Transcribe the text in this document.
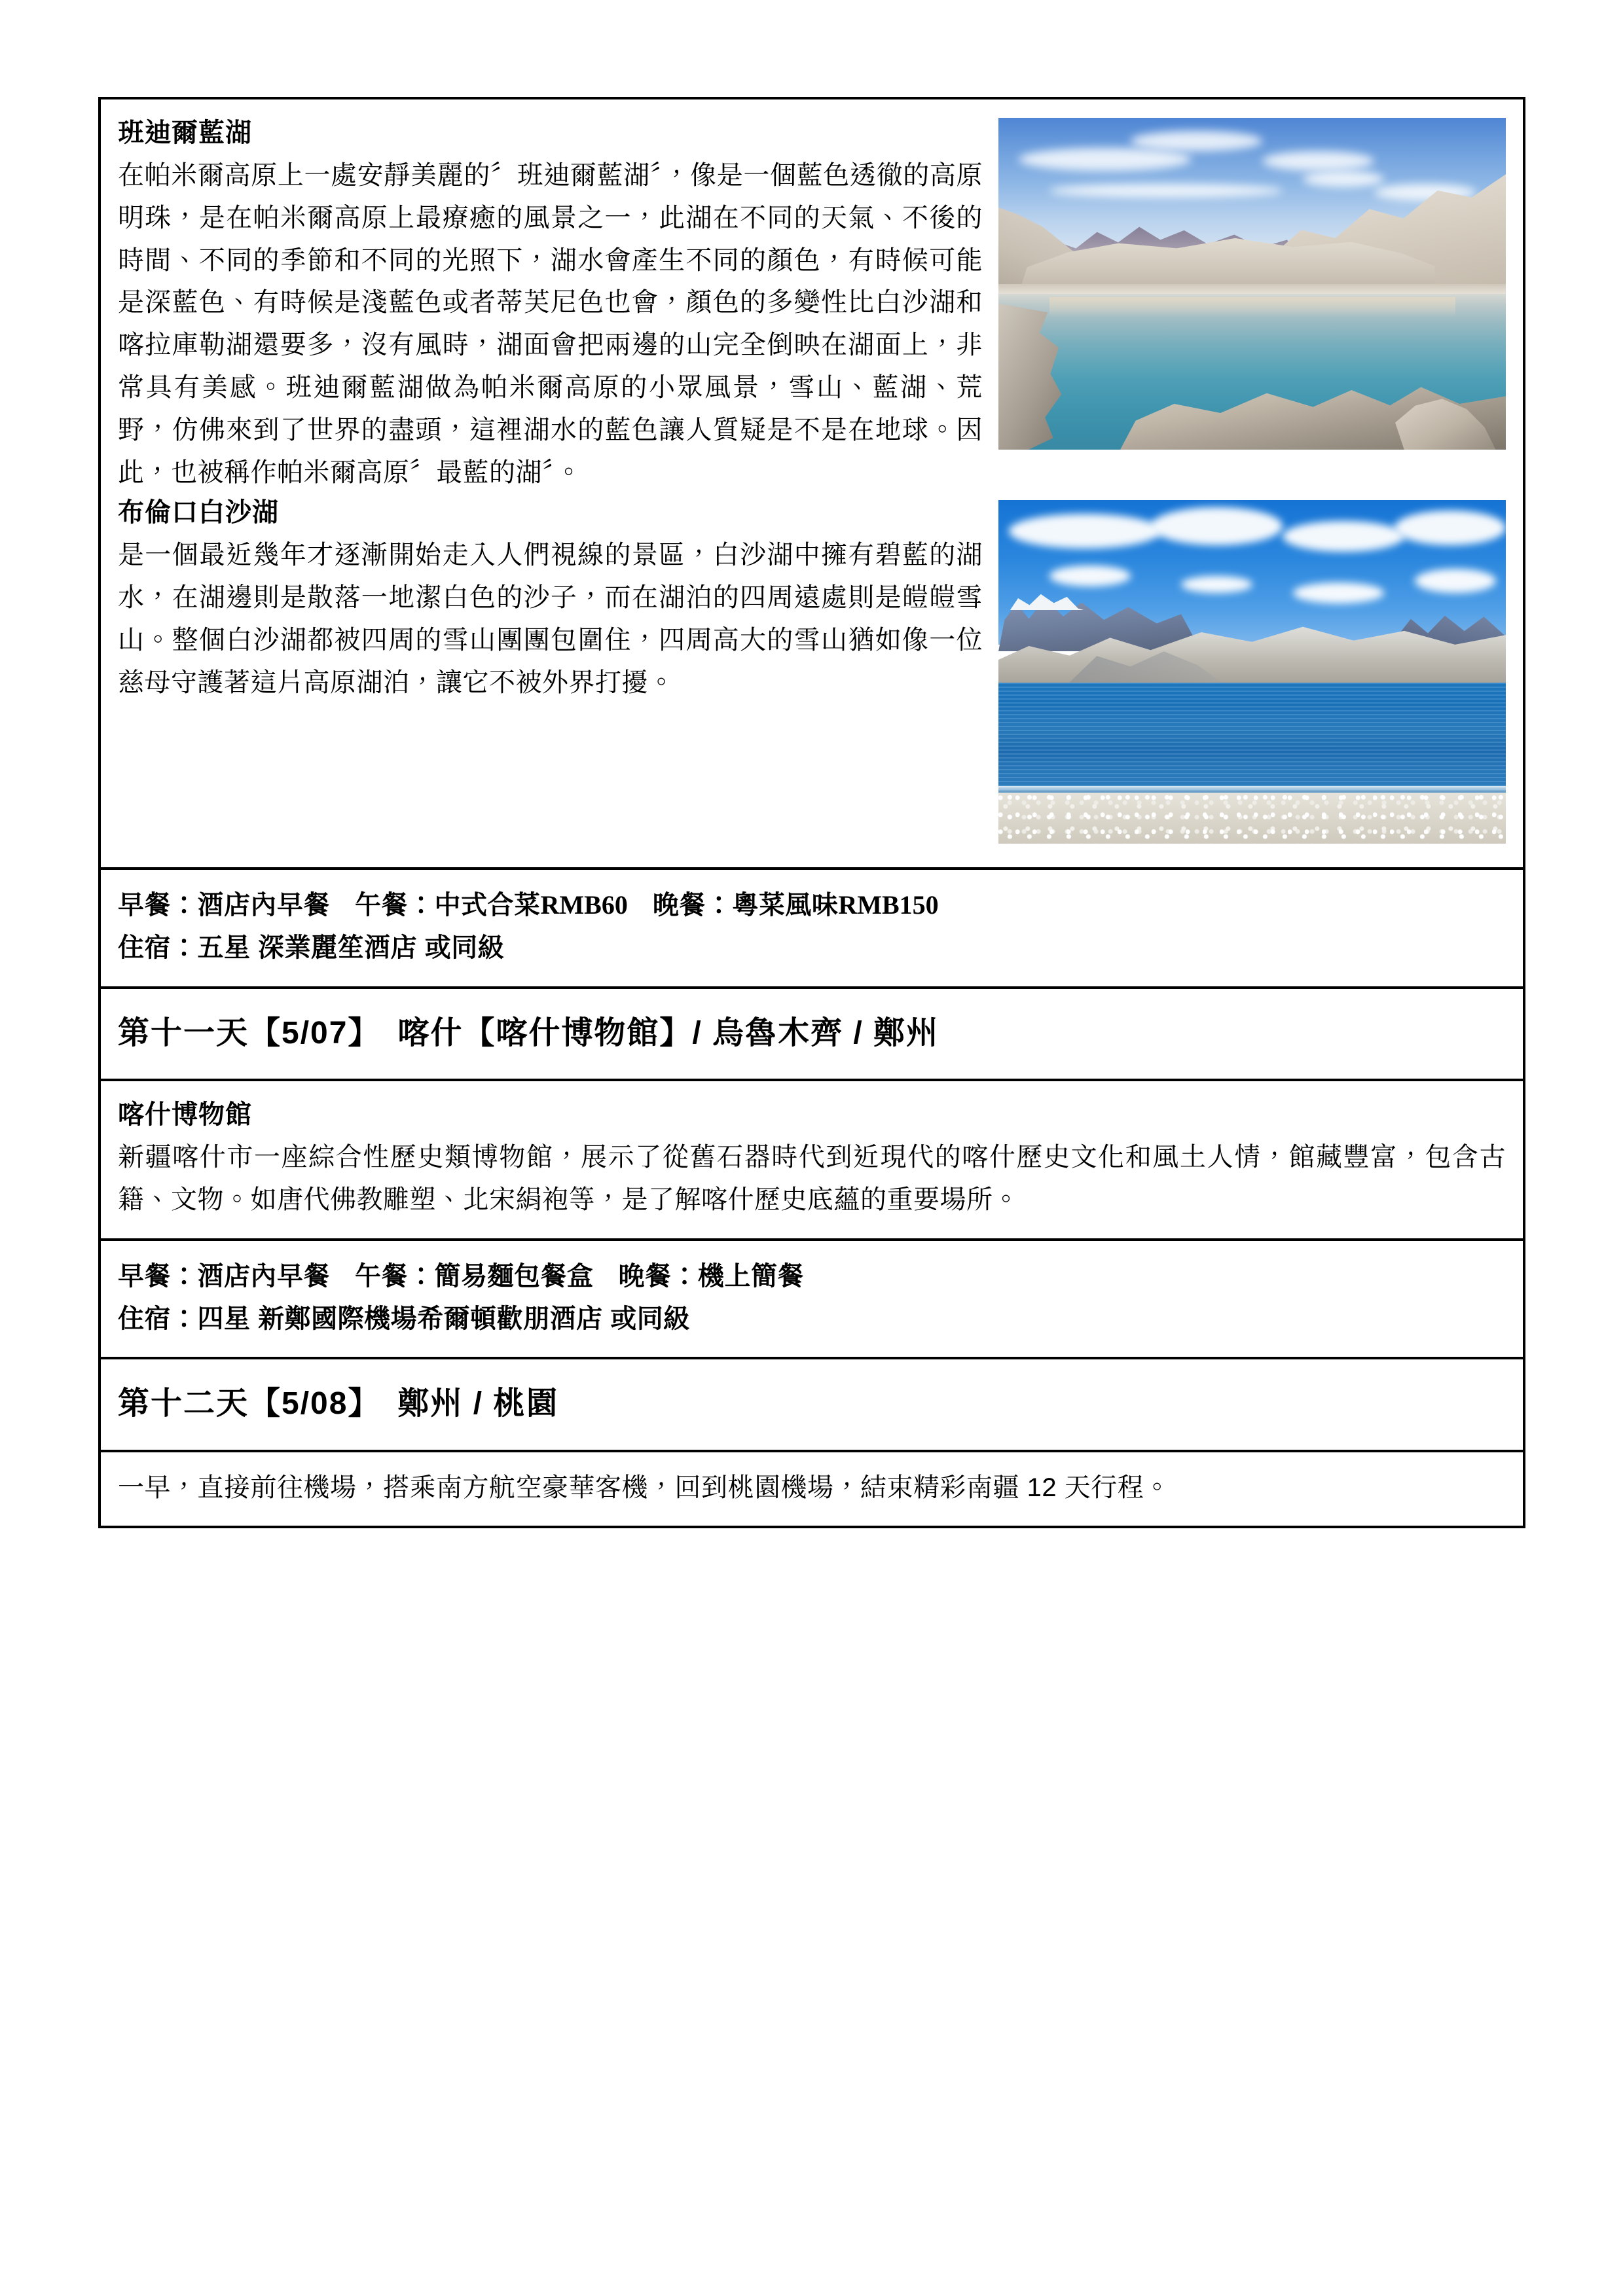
班迪爾藍湖

在帕米爾高原上一處安靜美麗的〞班迪爾藍湖〞，像是一個藍色透徹的高原明珠，是在帕米爾高原上最療癒的風景之一，此湖在不同的天氣、不後的時間、不同的季節和不同的光照下，湖水會產生不同的顏色，有時候可能是深藍色、有時候是淺藍色或者蒂芙尼色也會，顏色的多變性比白沙湖和喀拉庫勒湖還要多，沒有風時，湖面會把兩邊的山完全倒映在湖面上，非常具有美感。班迪爾藍湖做為帕米爾高原的小眾風景，雪山、藍湖、荒野，仿佛來到了世界的盡頭，這裡湖水的藍色讓人質疑是不是在地球。因此，也被稱作帕米爾高原〞最藍的湖〞。

布倫口白沙湖

是一個最近幾年才逐漸開始走入人們視線的景區，白沙湖中擁有碧藍的湖水，在湖邊則是散落一地潔白色的沙子，而在湖泊的四周遠處則是皚皚雪山。整個白沙湖都被四周的雪山團團包圍住，四周高大的雪山猶如像一位慈母守護著這片高原湖泊，讓它不被外界打擾。

早餐：酒店內早餐 午餐：中式合菜RMB60 晚餐：粵菜風味RMB150

住宿：五星 深業麗笙酒店 或同級

第十一天【5/07】　喀什【喀什博物館】/ 烏魯木齊 / 鄭州

喀什博物館

新疆喀什市一座綜合性歷史類博物館，展示了從舊石器時代到近現代的喀什歷史文化和風土人情，館藏豐富，包含古籍、文物。如唐代佛教雕塑、北宋絹袍等，是了解喀什歷史底蘊的重要場所。

早餐：酒店內早餐 午餐：簡易麵包餐盒 晚餐：機上簡餐

住宿：四星 新鄭國際機場希爾頓歡朋酒店 或同級

第十二天【5/08】　鄭州 / 桃園

一早，直接前往機場，搭乘南方航空豪華客機，回到桃園機場，結束精彩南疆 12 天行程。
